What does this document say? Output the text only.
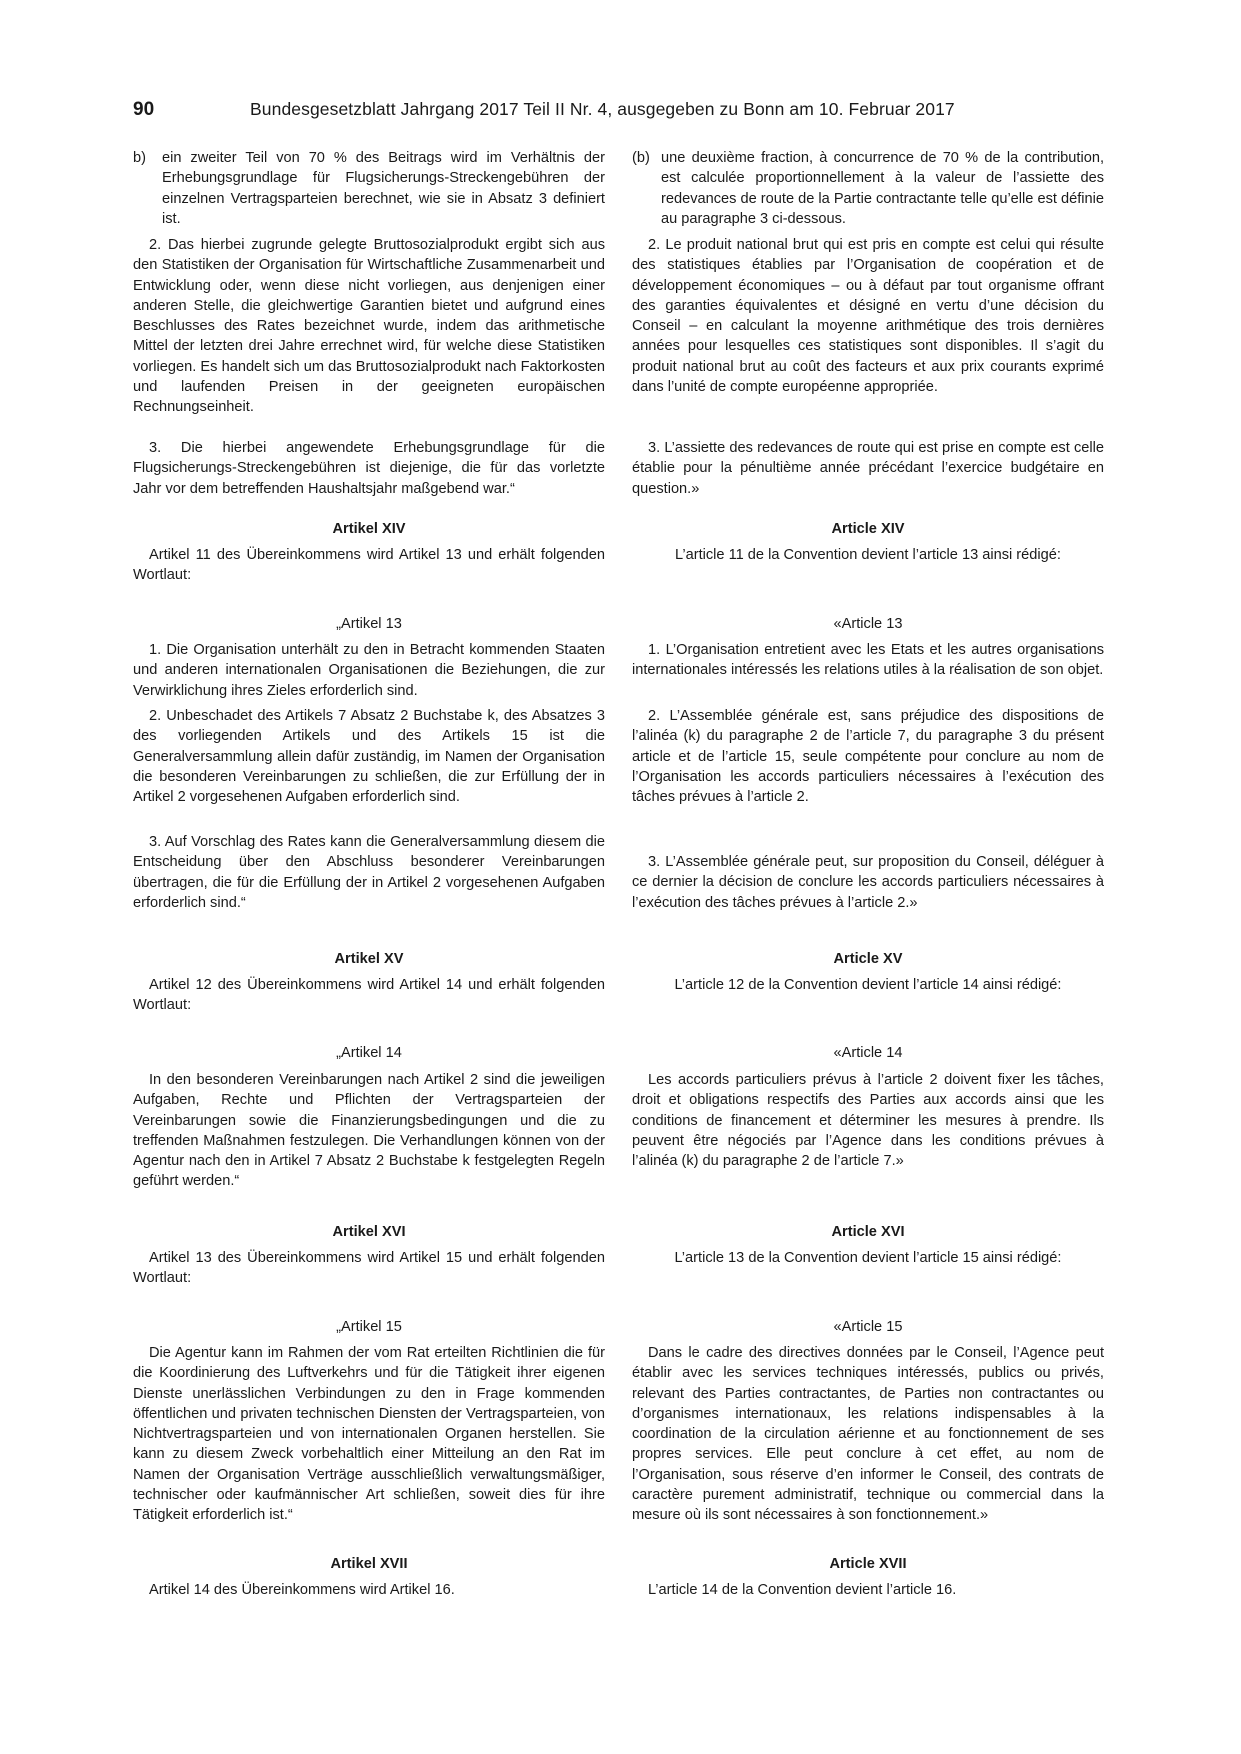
90	Bundesgesetzblatt Jahrgang 2017 Teil II Nr. 4, ausgegeben zu Bonn am 10. Februar 2017
b) ein zweiter Teil von 70 % des Beitrags wird im Verhältnis der Erhebungsgrundlage für Flugsicherungs-Streckengebühren der einzelnen Vertragsparteien berechnet, wie sie in Absatz 3 definiert ist.

2. Das hierbei zugrunde gelegte Bruttosozialprodukt ergibt sich aus den Statistiken der Organisation für Wirtschaftliche Zusammenarbeit und Entwicklung oder, wenn diese nicht vorliegen, aus denjenigen einer anderen Stelle, die gleichwertige Garantien bietet und aufgrund eines Beschlusses des Rates bezeichnet wurde, indem das arithmetische Mittel der letzten drei Jahre errechnet wird, für welche diese Statistiken vorliegen. Es handelt sich um das Bruttosozialprodukt nach Faktorkosten und laufenden Preisen in der geeigneten europäischen Rechnungseinheit.

3. Die hierbei angewendete Erhebungsgrundlage für die Flugsicherungs-Streckengebühren ist diejenige, die für das vorletzte Jahr vor dem betreffenden Haushaltsjahr maßgebend war.“

Artikel XIV

Artikel 11 des Übereinkommens wird Artikel 13 und erhält folgenden Wortlaut:

„Artikel 13

1. Die Organisation unterhält zu den in Betracht kommenden Staaten und anderen internationalen Organisationen die Beziehungen, die zur Verwirklichung ihres Zieles erforderlich sind.

2. Unbeschadet des Artikels 7 Absatz 2 Buchstabe k, des Absatzes 3 des vorliegenden Artikels und des Artikels 15 ist die Generalversammlung allein dafür zuständig, im Namen der Organisation die besonderen Vereinbarungen zu schließen, die zur Erfüllung der in Artikel 2 vorgesehenen Aufgaben erforderlich sind.

3. Auf Vorschlag des Rates kann die Generalversammlung diesem die Entscheidung über den Abschluss besonderer Vereinbarungen übertragen, die für die Erfüllung der in Artikel 2 vorgesehenen Aufgaben erforderlich sind.“

Artikel XV

Artikel 12 des Übereinkommens wird Artikel 14 und erhält folgenden Wortlaut:

„Artikel 14

In den besonderen Vereinbarungen nach Artikel 2 sind die jeweiligen Aufgaben, Rechte und Pflichten der Vertragsparteien der Vereinbarungen sowie die Finanzierungsbedingungen und die zu treffenden Maßnahmen festzulegen. Die Verhandlungen können von der Agentur nach den in Artikel 7 Absatz 2 Buchstabe k festgelegten Regeln geführt werden.“

Artikel XVI

Artikel 13 des Übereinkommens wird Artikel 15 und erhält folgenden Wortlaut:

„Artikel 15

Die Agentur kann im Rahmen der vom Rat erteilten Richtlinien die für die Koordinierung des Luftverkehrs und für die Tätigkeit ihrer eigenen Dienste unerlässlichen Verbindungen zu den in Frage kommenden öffentlichen und privaten technischen Diensten der Vertragsparteien, von Nichtvertragsparteien und von internationalen Organen herstellen. Sie kann zu diesem Zweck vorbehaltlich einer Mitteilung an den Rat im Namen der Organisation Verträge ausschließlich verwaltungsmäßiger, technischer oder kaufmännischer Art schließen, soweit dies für ihre Tätigkeit erforderlich ist.“

Artikel XVII

Artikel 14 des Übereinkommens wird Artikel 16.

(b) une deuxième fraction, à concurrence de 70 % de la contribution, est calculée proportionnellement à la valeur de l’assiette des redevances de route de la Partie contractante telle qu’elle est définie au paragraphe 3 ci-dessous.

2. Le produit national brut qui est pris en compte est celui qui résulte des statistiques établies par l’Organisation de coopération et de développement économiques – ou à défaut par tout organisme offrant des garanties équivalentes et désigné en vertu d’une décision du Conseil – en calculant la moyenne arithmétique des trois dernières années pour lesquelles ces statistiques sont disponibles. Il s’agit du produit national brut au coût des facteurs et aux prix courants exprimé dans l’unité de compte européenne appropriée.

3. L’assiette des redevances de route qui est prise en compte est celle établie pour la pénultième année précédant l’exercice budgétaire en question.»

Article XIV

L’article 11 de la Convention devient l’article 13 ainsi rédigé:

«Article 13

1. L’Organisation entretient avec les Etats et les autres organisations internationales intéressés les relations utiles à la réalisation de son objet.

2. L’Assemblée générale est, sans préjudice des dispositions de l’alinéa (k) du paragraphe 2 de l’article 7, du paragraphe 3 du présent article et de l’article 15, seule compétente pour conclure au nom de l’Organisation les accords particuliers nécessaires à l’exécution des tâches prévues à l’article 2.

3. L’Assemblée générale peut, sur proposition du Conseil, déléguer à ce dernier la décision de conclure les accords particuliers nécessaires à l’exécution des tâches prévues à l’article 2.»

Article XV

L’article 12 de la Convention devient l’article 14 ainsi rédigé:

«Article 14

Les accords particuliers prévus à l’article 2 doivent fixer les tâches, droit et obligations respectifs des Parties aux accords ainsi que les conditions de financement et déterminer les mesures à prendre. Ils peuvent être négociés par l’Agence dans les conditions prévues à l’alinéa (k) du paragraphe 2 de l’article 7.»

Article XVI

L’article 13 de la Convention devient l’article 15 ainsi rédigé:

«Article 15

Dans le cadre des directives données par le Conseil, l’Agence peut établir avec les services techniques intéressés, publics ou privés, relevant des Parties contractantes, de Parties non contractantes ou d’organismes internationaux, les relations indispensables à la coordination de la circulation aérienne et au fonctionnement de ses propres services. Elle peut conclure à cet effet, au nom de l’Organisation, sous réserve d’en informer le Conseil, des contrats de caractère purement administratif, technique ou commercial dans la mesure où ils sont nécessaires à son fonctionnement.»

Article XVII

L’article 14 de la Convention devient l’article 16.
